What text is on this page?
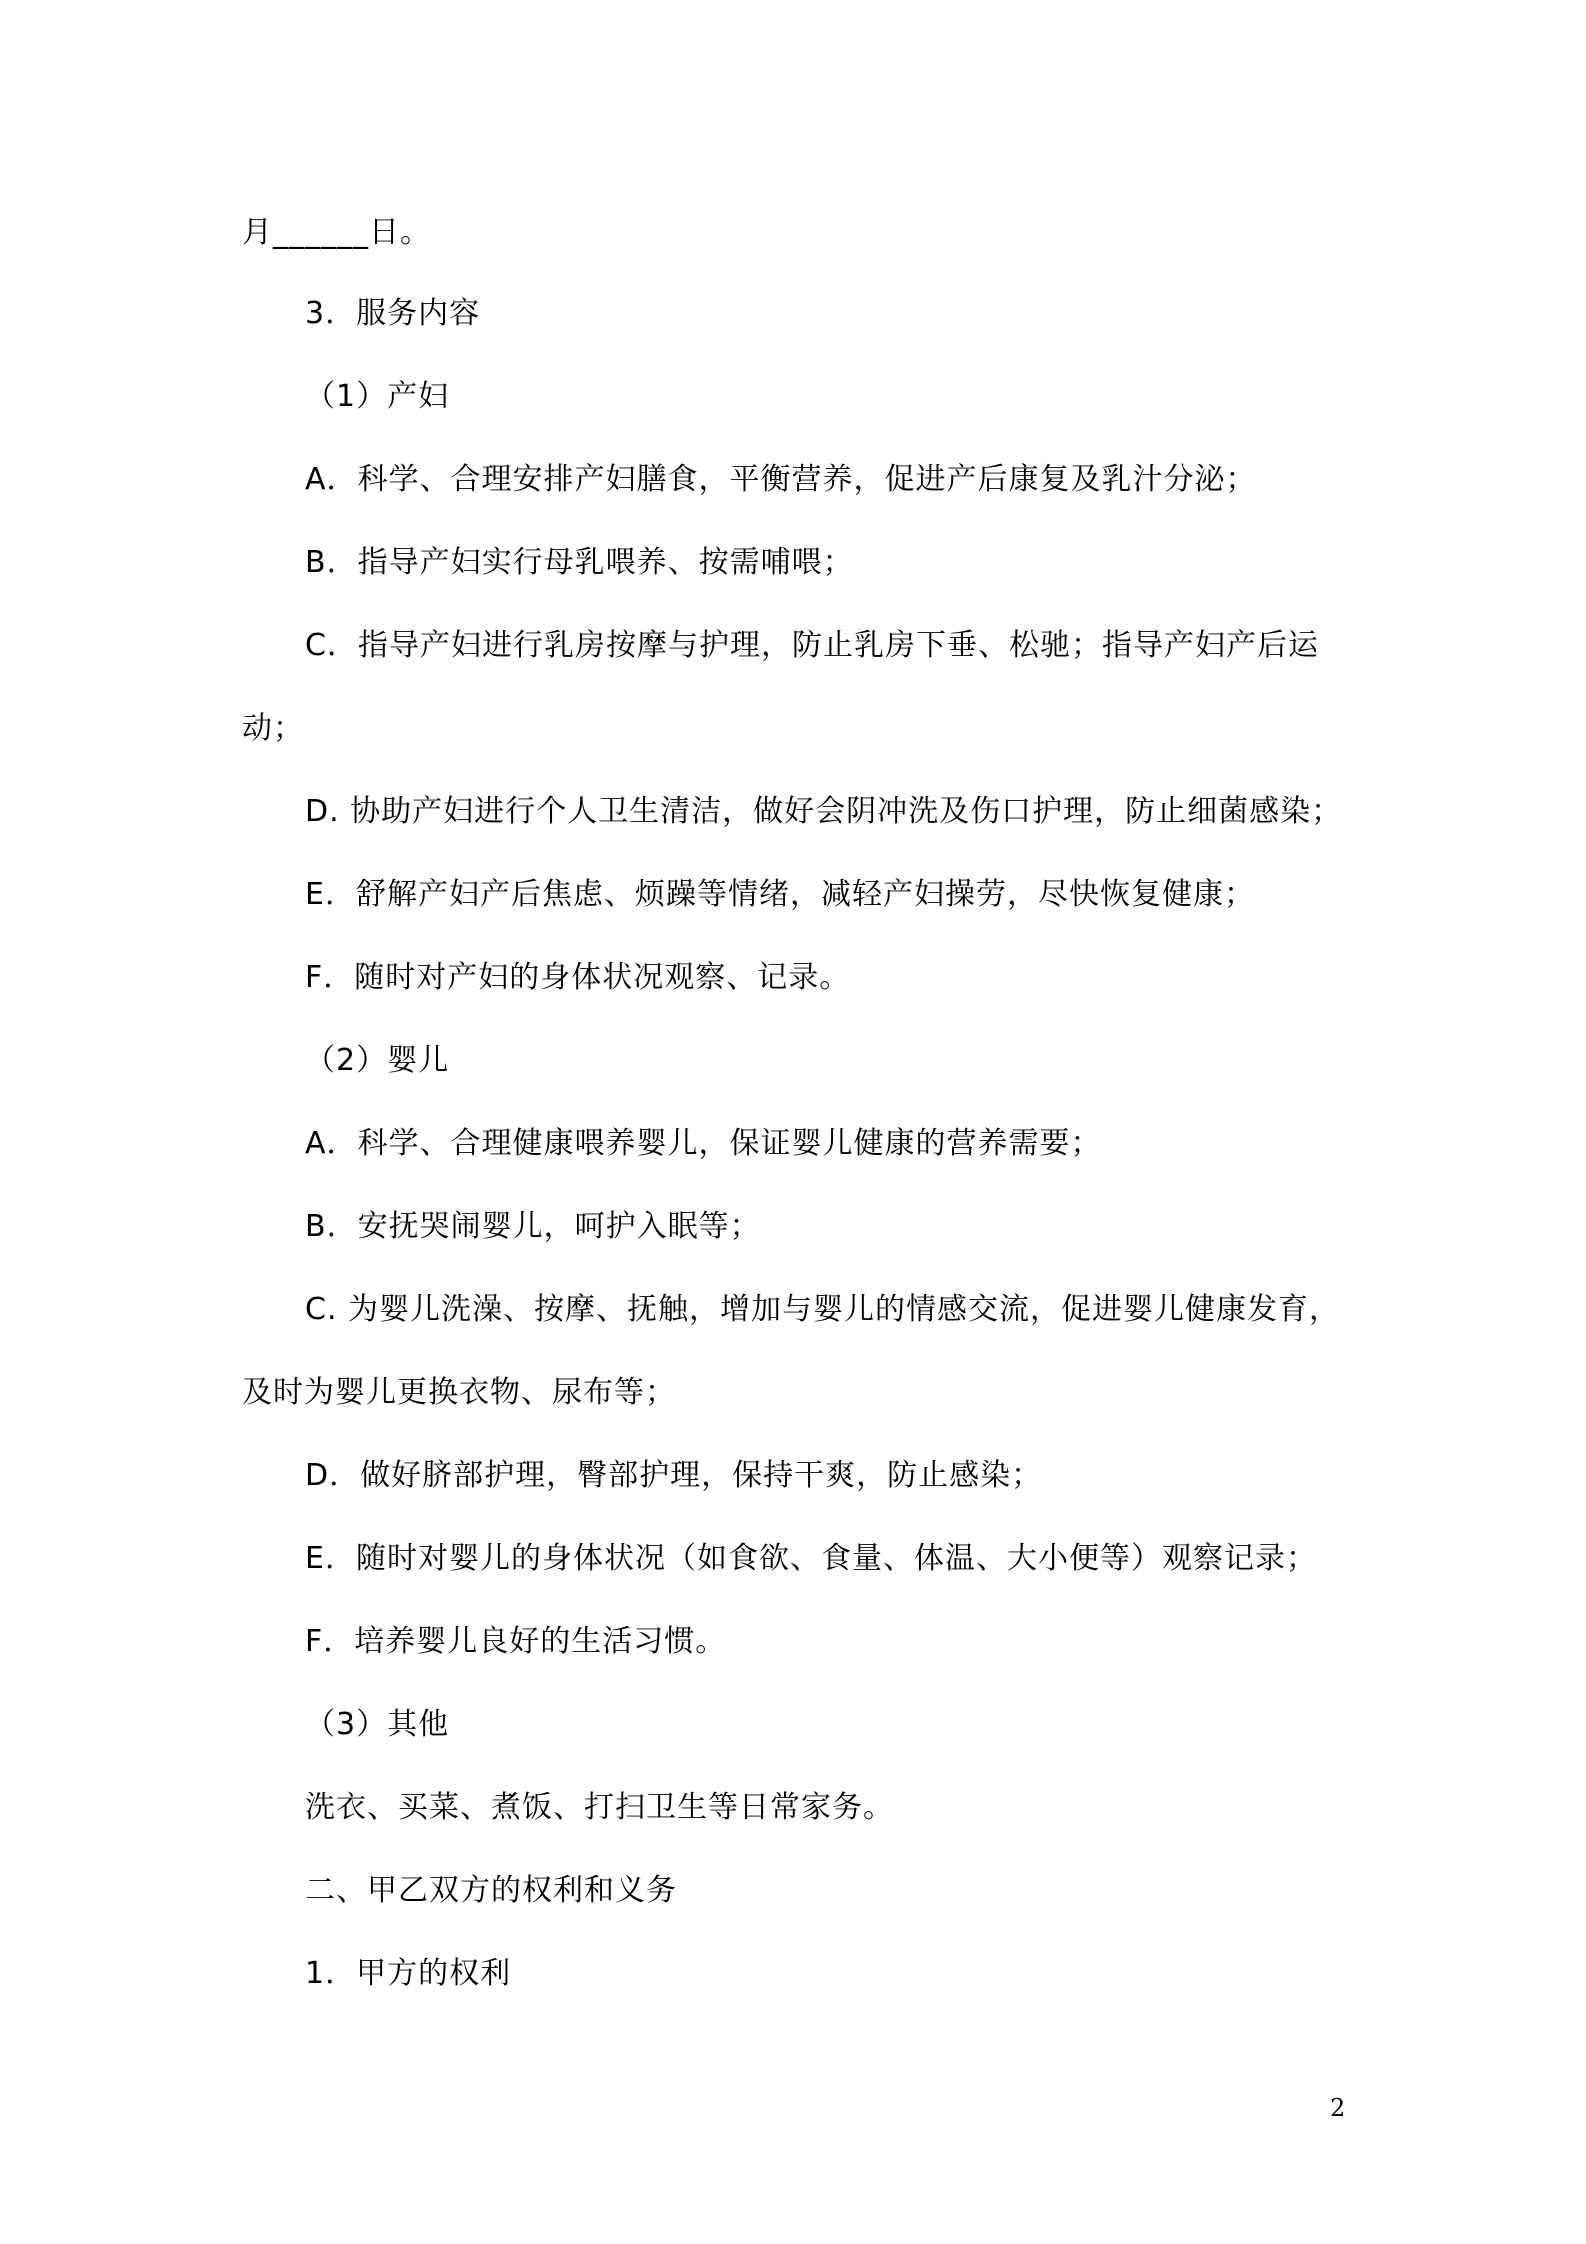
月______日。
3．服务内容
（1）产妇
A．科学、合理安排产妇膳食，平衡营养，促进产后康复及乳汁分泌；
B．指导产妇实行母乳喂养、按需哺喂；
C．指导产妇进行乳房按摩与护理，防止乳房下垂、松驰；指导产妇产后运
动；
D. 协助产妇进行个人卫生清洁，做好会阴冲洗及伤口护理，防止细菌感染；
E．舒解产妇产后焦虑、烦躁等情绪，减轻产妇操劳，尽快恢复健康；
F．随时对产妇的身体状况观察、记录。
（2）婴儿
A．科学、合理健康喂养婴儿，保证婴儿健康的营养需要；
B．安抚哭闹婴儿，呵护入眠等；
C. 为婴儿洗澡、按摩、抚触，增加与婴儿的情感交流，促进婴儿健康发育，
及时为婴儿更换衣物、尿布等；
D．做好脐部护理，臀部护理，保持干爽，防止感染；
E．随时对婴儿的身体状况（如食欲、食量、体温、大小便等）观察记录；
F．培养婴儿良好的生活习惯。
（3）其他
洗衣、买菜、煮饭、打扫卫生等日常家务。
二、甲乙双方的权利和义务
1．甲方的权利
2
